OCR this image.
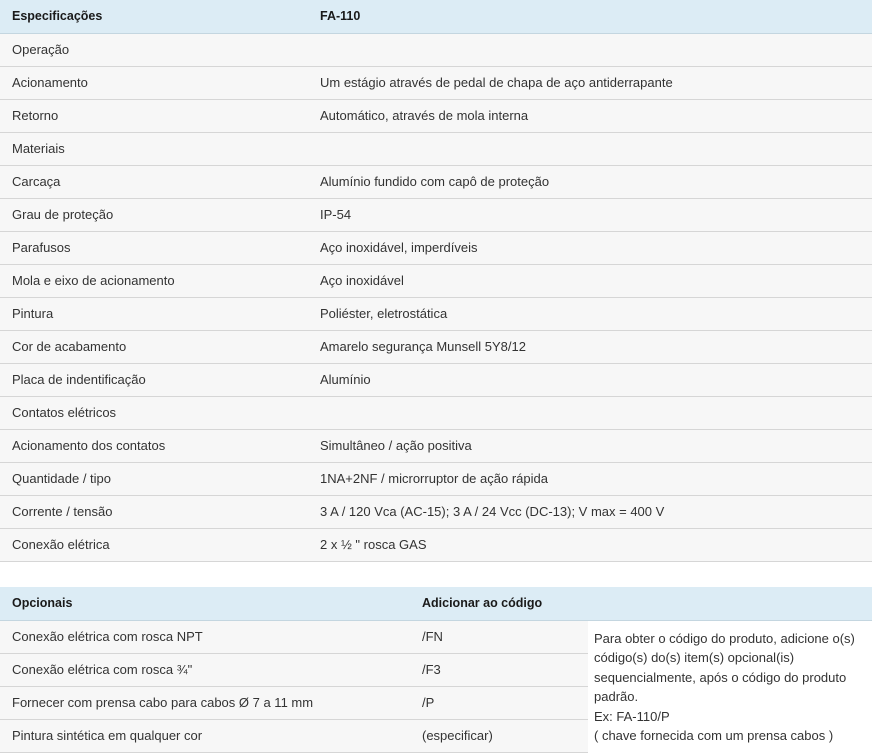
Especificações	FA-110
Operação	
Acionamento	Um estágio através de pedal de chapa de aço antiderrapante
Retorno	Automático, através de mola interna
Materiais	
Carcaça	Alumínio fundido com capô de proteção
Grau de proteção	IP-54
Parafusos	Aço inoxidável, imperdíveis
Mola e eixo de acionamento	Aço inoxidável
Pintura	Poliéster, eletrostática
Cor de acabamento	Amarelo segurança Munsell 5Y8/12
Placa de indentificação	Alumínio
Contatos elétricos	
Acionamento dos contatos	Simultâneo / ação positiva
Quantidade / tipo	1NA+2NF / microrruptor de ação rápida
Corrente / tensão	3 A / 120 Vca (AC-15); 3 A / 24 Vcc (DC-13); V max = 400 V
Conexão elétrica	2 x ½ " rosca GAS
Opcionais	Adicionar ao código	
Conexão elétrica com rosca NPT	/FN	Para obter o código do produto, adicione o(s) código(s) do(s) item(s) opcional(is) sequencialmente, após o código do produto padrão.
Ex: FA-110/P
( chave fornecida com um prensa cabos )

Conexão elétrica com rosca ¾"	/F3	
Fornecer com prensa cabo para cabos Ø 7 a 11 mm	/P	
Pintura sintética em qualquer cor	(especificar)	
